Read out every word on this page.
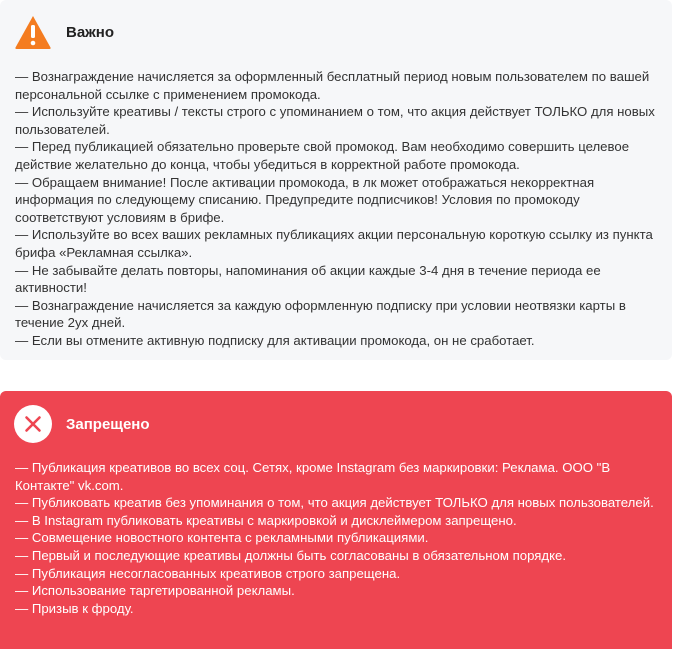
Важно
— Вознаграждение начисляется за оформленный бесплатный период новым пользователем по вашей персональной ссылке с применением промокода.
— Используйте креативы / тексты строго с упоминанием о том, что акция действует ТОЛЬКО для новых пользователей.
— Перед публикацией обязательно проверьте свой промокод. Вам необходимо совершить целевое действие желательно до конца, чтобы убедиться в корректной работе промокода.
— Обращаем внимание! После активации промокода, в лк может отображаться некорректная информация по следующему списанию. Предупредите подписчиков! Условия по промокоду соответствуют условиям в брифе.
— Используйте во всех ваших рекламных публикациях акции персональную короткую ссылку из пункта брифа «Рекламная ссылка».
— Не забывайте делать повторы, напоминания об акции каждые 3-4 дня в течение периода ее активности!
— Вознаграждение начисляется за каждую оформленную подписку при условии неотвязки карты в течение 2ух дней.
— Если вы отмените активную подписку для активации промокода, он не сработает.
Запрещено
— Публикация креативов во всех соц. Сетях, кроме Instagram без маркировки: Реклама. ООО "В Контакте" vk.com.
— Публиковать креатив без упоминания о том, что акция действует ТОЛЬКО для новых пользователей.
— В Instagram публиковать креативы с маркировкой и дисклеймером запрещено.
— Совмещение новостного контента с рекламными публикациями.
— Первый и последующие креативы должны быть согласованы в обязательном порядке.
— Публикация несогласованных креативов строго запрещена.
— Использование таргетированной рекламы.
— Призыв к фроду.
